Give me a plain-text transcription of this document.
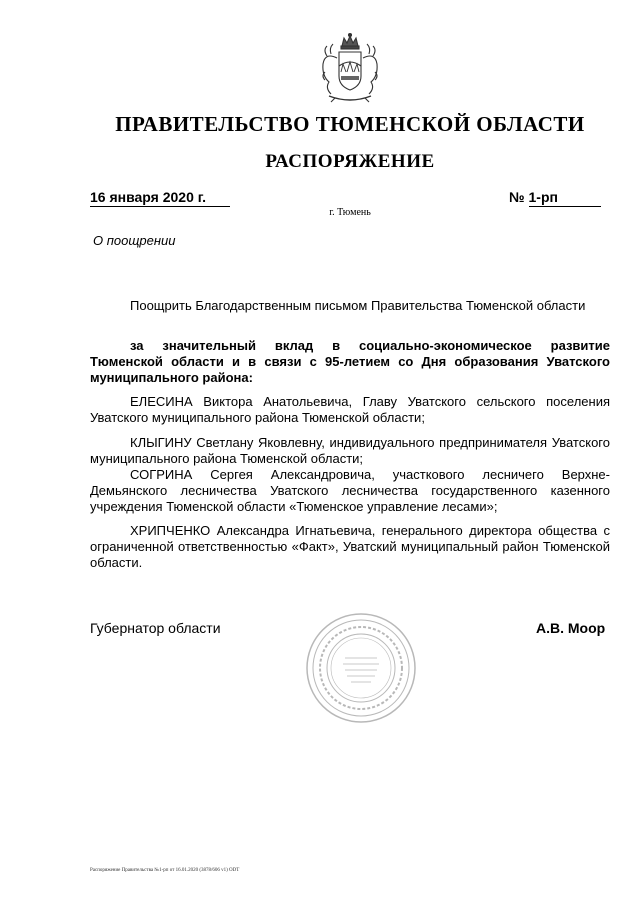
ПРАВИТЕЛЬСТВО ТЮМЕНСКОЙ ОБЛАСТИ
РАСПОРЯЖЕНИЕ
16 января 2020 г.	№ 1-рп
г. Тюмень
О поощрении
Поощрить Благодарственным письмом Правительства Тюменской области
за значительный вклад в социально-экономическое развитие Тюменской области и в связи с 95-летием со Дня образования Уватского муниципального района:
ЕЛЕСИНА Виктора Анатольевича, Главу Уватского сельского поселения Уватского муниципального района Тюменской области;
КЛЫГИНУ Светлану Яковлевну, индивидуального предпринимателя Уватского муниципального района Тюменской области;
СОГРИНА Сергея Александровича, участкового лесничего Верхне-Демьянского лесничества Уватского лесничества государственного казенного учреждения Тюменской области «Тюменское управление лесами»;
ХРИПЧЕНКО Александра Игнатьевича, генерального директора общества с ограниченной ответственностью «Факт», Уватский муниципальный район Тюменской области.
Губернатор области	А.В. Моор
Распоряжение Правительства №1-рп от 16.01.2020 (3878/606 v1) ODT
